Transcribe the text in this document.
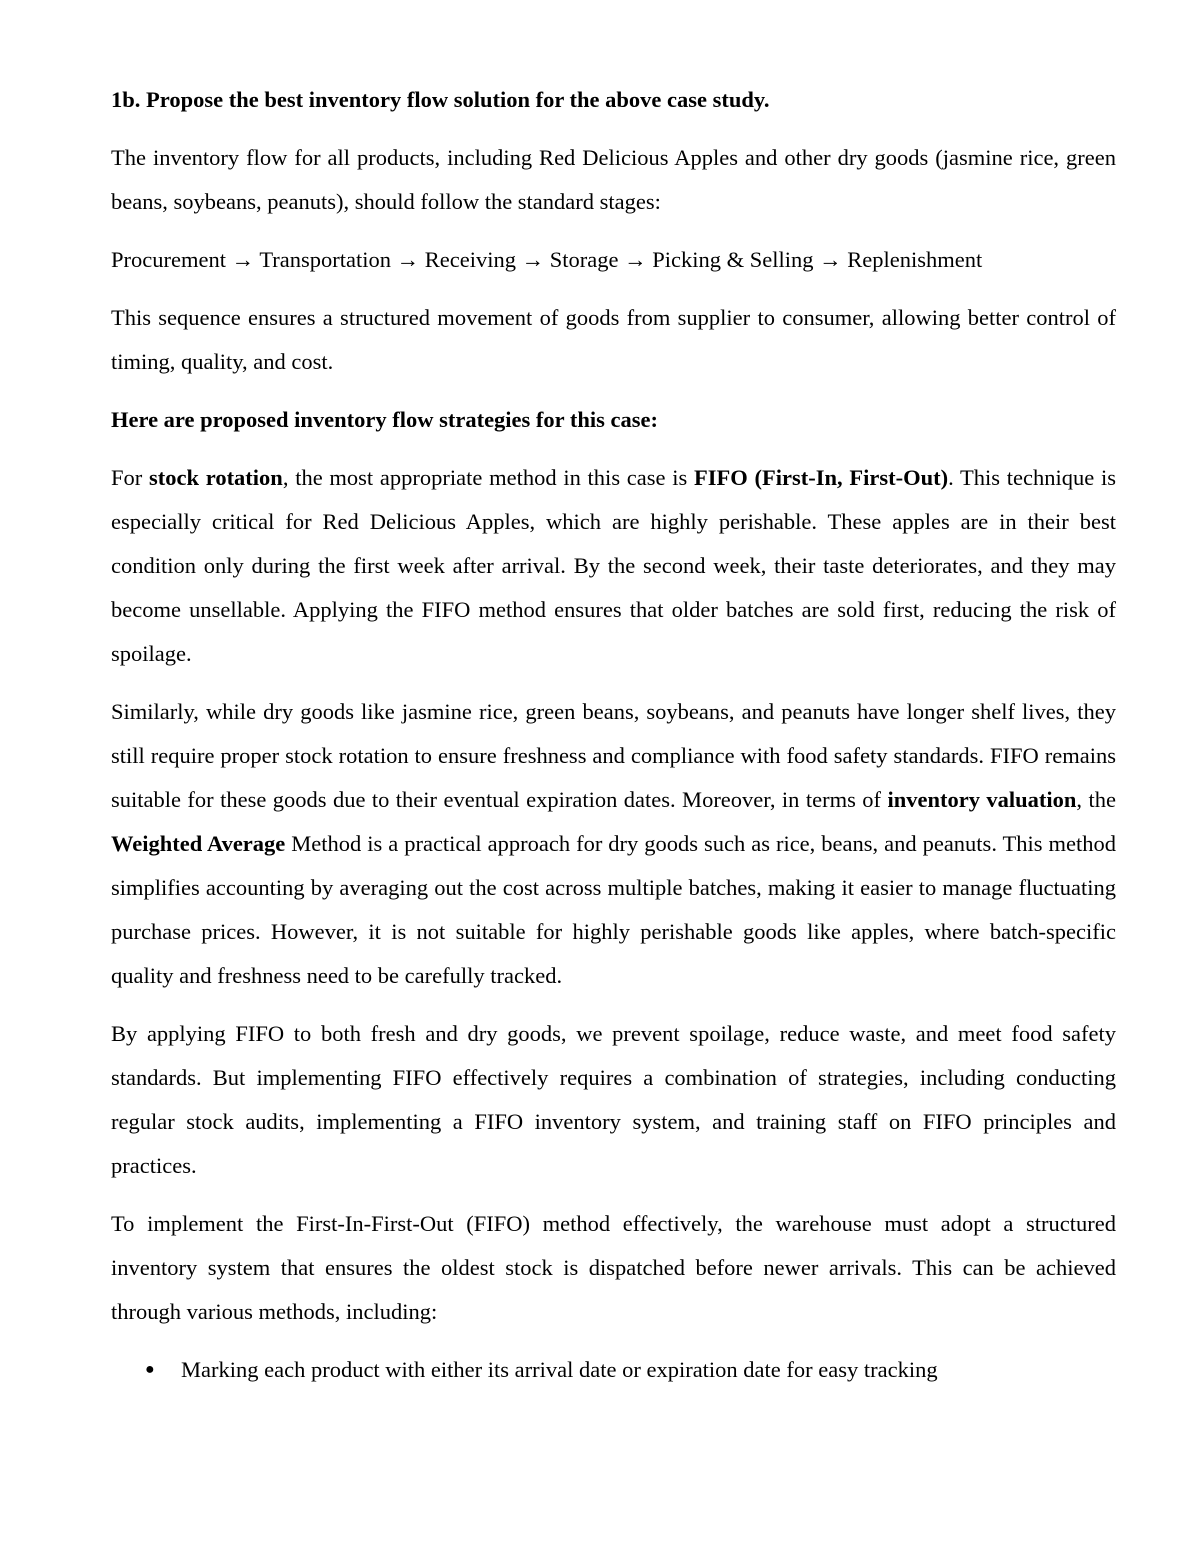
1b. Propose the best inventory flow solution for the above case study.
The inventory flow for all products, including Red Delicious Apples and other dry goods (jasmine rice, green beans, soybeans, peanuts), should follow the standard stages:
Procurement → Transportation → Receiving → Storage → Picking & Selling → Replenishment
This sequence ensures a structured movement of goods from supplier to consumer, allowing better control of timing, quality, and cost.
Here are proposed inventory flow strategies for this case:
For stock rotation, the most appropriate method in this case is FIFO (First-In, First-Out). This technique is especially critical for Red Delicious Apples, which are highly perishable. These apples are in their best condition only during the first week after arrival. By the second week, their taste deteriorates, and they may become unsellable. Applying the FIFO method ensures that older batches are sold first, reducing the risk of spoilage.
Similarly, while dry goods like jasmine rice, green beans, soybeans, and peanuts have longer shelf lives, they still require proper stock rotation to ensure freshness and compliance with food safety standards. FIFO remains suitable for these goods due to their eventual expiration dates. Moreover, in terms of inventory valuation, the Weighted Average Method is a practical approach for dry goods such as rice, beans, and peanuts. This method simplifies accounting by averaging out the cost across multiple batches, making it easier to manage fluctuating purchase prices. However, it is not suitable for highly perishable goods like apples, where batch-specific quality and freshness need to be carefully tracked.
By applying FIFO to both fresh and dry goods, we prevent spoilage, reduce waste, and meet food safety standards. But implementing FIFO effectively requires a combination of strategies, including conducting regular stock audits, implementing a FIFO inventory system, and training staff on FIFO principles and practices.
To implement the First-In-First-Out (FIFO) method effectively, the warehouse must adopt a structured inventory system that ensures the oldest stock is dispatched before newer arrivals. This can be achieved through various methods, including:
● Marking each product with either its arrival date or expiration date for easy tracking
